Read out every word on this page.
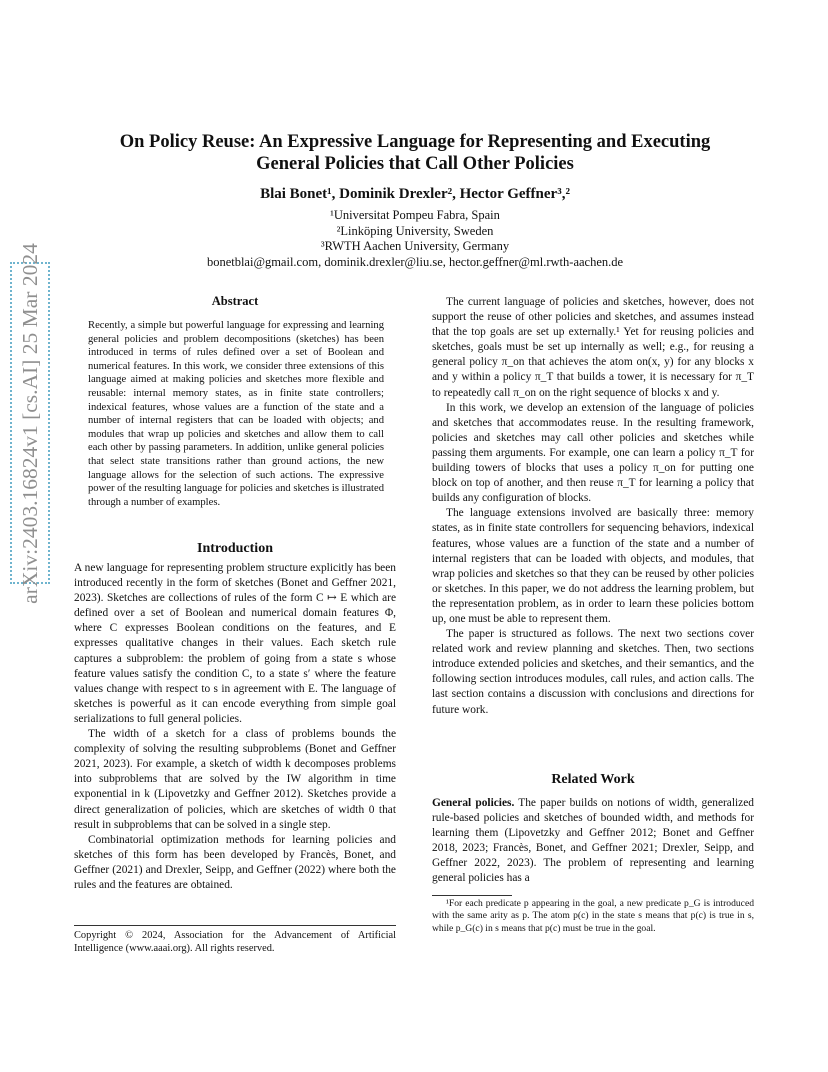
arXiv:2403.16824v1 [cs.AI] 25 Mar 2024
On Policy Reuse: An Expressive Language for Representing and Executing General Policies that Call Other Policies
Blai Bonet¹, Dominik Drexler², Hector Geffner³,²
¹Universitat Pompeu Fabra, Spain
²Linköping University, Sweden
³RWTH Aachen University, Germany
bonetblai@gmail.com, dominik.drexler@liu.se, hector.geffner@ml.rwth-aachen.de
Abstract
Recently, a simple but powerful language for expressing and learning general policies and problem decompositions (sketches) has been introduced in terms of rules defined over a set of Boolean and numerical features. In this work, we consider three extensions of this language aimed at making policies and sketches more flexible and reusable: internal memory states, as in finite state controllers; indexical features, whose values are a function of the state and a number of internal registers that can be loaded with objects; and modules that wrap up policies and sketches and allow them to call each other by passing parameters. In addition, unlike general policies that select state transitions rather than ground actions, the new language allows for the selection of such actions. The expressive power of the resulting language for policies and sketches is illustrated through a number of examples.
Introduction

A new language for representing problem structure explicitly has been introduced recently in the form of sketches (Bonet and Geffner 2021, 2023). Sketches are collections of rules of the form C ↦ E which are defined over a set of Boolean and numerical domain features Φ, where C expresses Boolean conditions on the features, and E expresses qualitative changes in their values. Each sketch rule captures a subproblem: the problem of going from a state s whose feature values satisfy the condition C, to a state s′ where the feature values change with respect to s in agreement with E. The language of sketches is powerful as it can encode everything from simple goal serializations to full general policies.

The width of a sketch for a class of problems bounds the complexity of solving the resulting subproblems (Bonet and Geffner 2021, 2023). For example, a sketch of width k decomposes problems into subproblems that are solved by the IW algorithm in time exponential in k (Lipovetzky and Geffner 2012). Sketches provide a direct generalization of policies, which are sketches of width 0 that result in subproblems that can be solved in a single step.

Combinatorial optimization methods for learning policies and sketches of this form has been developed by Francès, Bonet, and Geffner (2021) and Drexler, Seipp, and Geffner (2022) where both the rules and the features are obtained.

Copyright © 2024, Association for the Advancement of Artificial Intelligence (www.aaai.org). All rights reserved.

The current language of policies and sketches, however, does not support the reuse of other policies and sketches, and assumes instead that the top goals are set up externally.¹ Yet for reusing policies and sketches, goals must be set up internally as well; e.g., for reusing a general policy π_on that achieves the atom on(x, y) for any blocks x and y within a policy π_T that builds a tower, it is necessary for π_T to repeatedly call π_on on the right sequence of blocks x and y.

In this work, we develop an extension of the language of policies and sketches that accommodates reuse. In the resulting framework, policies and sketches may call other policies and sketches while passing them arguments. For example, one can learn a policy π_T for building towers of blocks that uses a policy π_on for putting one block on top of another, and then reuse π_T for learning a policy that builds any configuration of blocks.

The language extensions involved are basically three: memory states, as in finite state controllers for sequencing behaviors, indexical features, whose values are a function of the state and a number of internal registers that can be loaded with objects, and modules, that wrap policies and sketches so that they can be reused by other policies or sketches. In this paper, we do not address the learning problem, but the representation problem, as in order to learn these policies bottom up, one must be able to represent them.

The paper is structured as follows. The next two sections cover related work and review planning and sketches. Then, two sections introduce extended policies and sketches, and their semantics, and the following section introduces modules, call rules, and action calls. The last section contains a discussion with conclusions and directions for future work.

Related Work

General policies. The paper builds on notions of width, generalized rule-based policies and sketches of bounded width, and methods for learning them (Lipovetzky and Geffner 2012; Bonet and Geffner 2018, 2023; Francès, Bonet, and Geffner 2021; Drexler, Seipp, and Geffner 2022, 2023). The problem of representing and learning general policies has a

¹For each predicate p appearing in the goal, a new predicate p_G is introduced with the same arity as p. The atom p(c) in the state s means that p(c) is true in s, while p_G(c) in s means that p(c) must be true in the goal.
